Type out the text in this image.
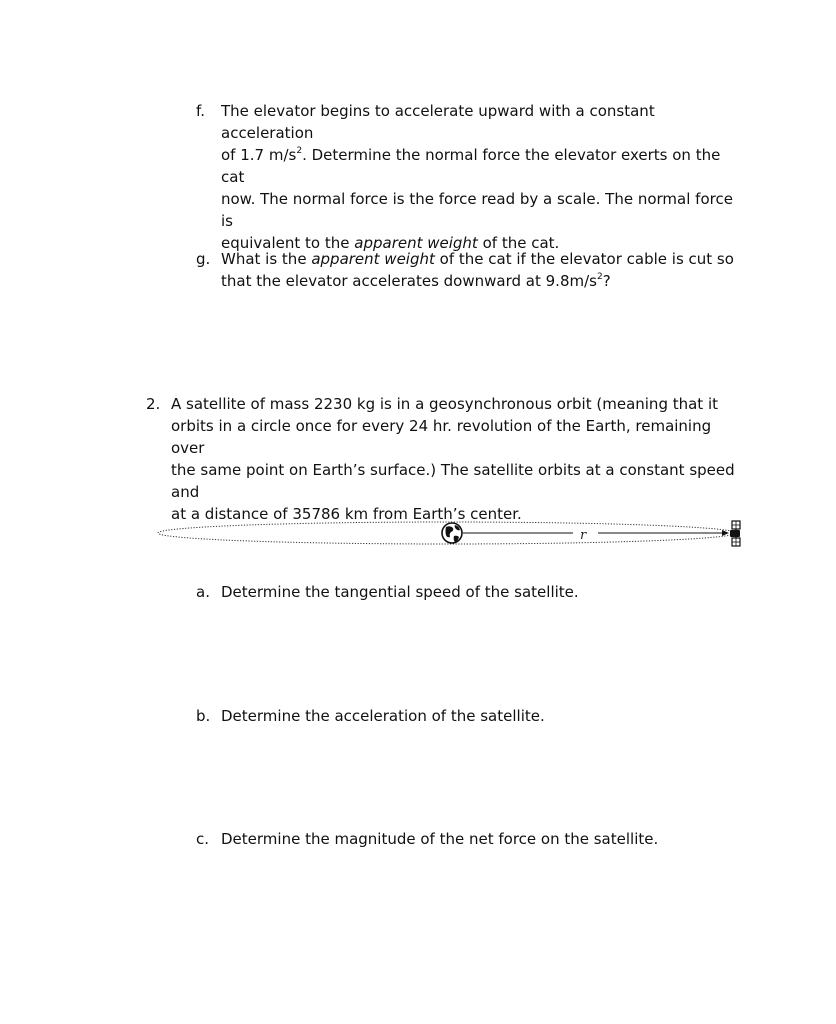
f.	The elevator begins to accelerate upward with a constant acceleration
of 1.7 $m/s^2$. Determine the normal force the elevator exerts on the cat
now. The normal force is the force read by a scale. The normal force is
equivalent to the apparent weight of the cat.
g. What is the apparent weight of the cat if the elevator cable is cut so
that the elevator accelerates downward at $9.8m/s^2$?
2. A satellite of mass 2230 kg is in a geosynchronous orbit (meaning that it
orbits in a circle once for every 24 hr. revolution of the Earth, remaining over
the same point on Earth’s surface.) The satellite orbits at a constant speed and
at a distance of 35786 km from Earth’s center.
r
a. Determine the tangential speed of the satellite.
b. Determine the acceleration of the satellite.
c. Determine the magnitude of the net force on the satellite.
